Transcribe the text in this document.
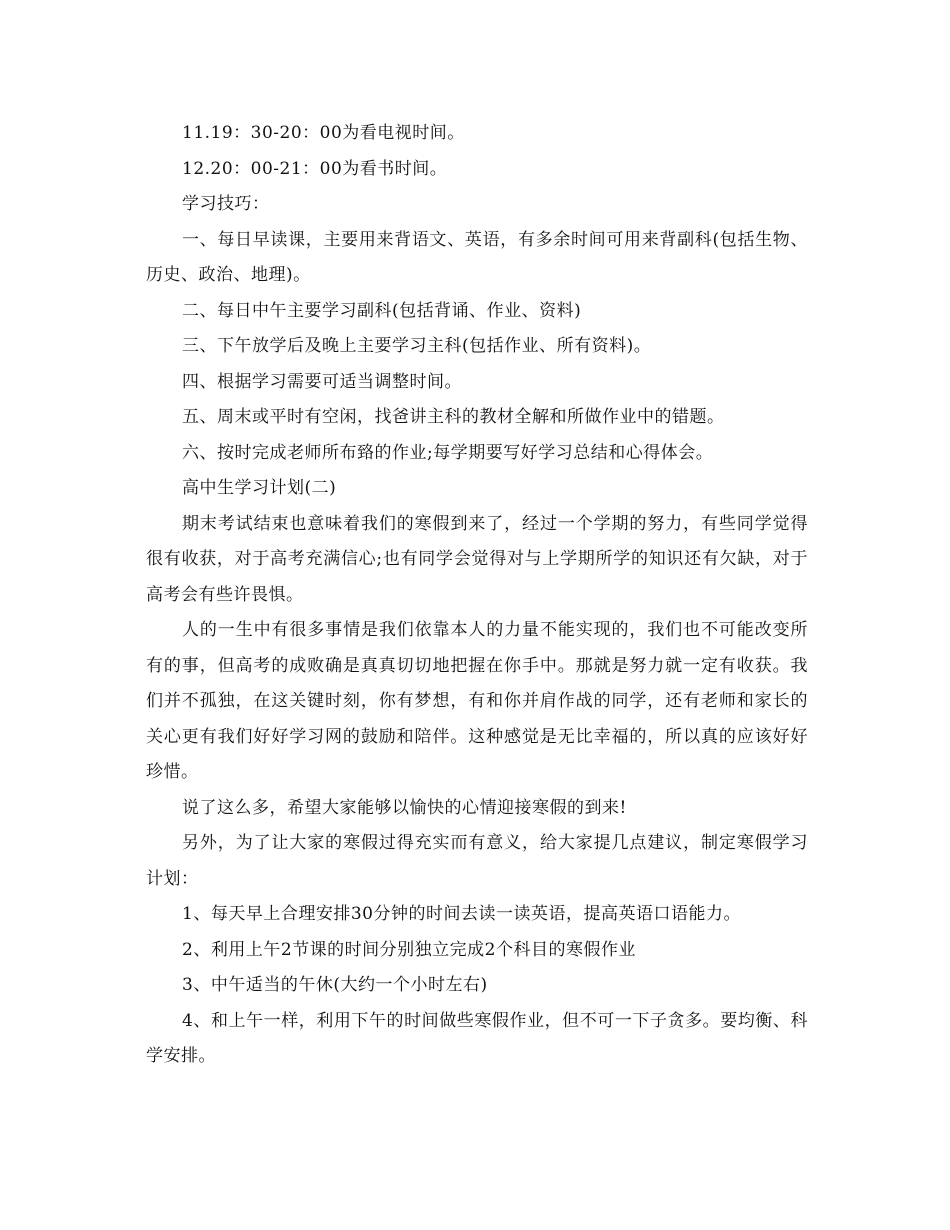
11.19：30-20：00为看电视时间。

12.20：00-21：00为看书时间。

学习技巧：

一、每日早读课，主要用来背语文、英语，有多余时间可用来背副科(包括生物、历史、政治、地理)。

二、每日中午主要学习副科(包括背诵、作业、资料)

三、下午放学后及晚上主要学习主科(包括作业、所有资料)。

四、根据学习需要可适当调整时间。

五、周末或平时有空闲，找爸讲主科的教材全解和所做作业中的错题。

六、按时完成老师所布臵的作业;每学期要写好学习总结和心得体会。

高中生学习计划(二)

期末考试结束也意味着我们的寒假到来了，经过一个学期的努力，有些同学觉得很有收获，对于高考充满信心;也有同学会觉得对与上学期所学的知识还有欠缺，对于高考会有些许畏惧。

人的一生中有很多事情是我们依靠本人的力量不能实现的，我们也不可能改变所有的事，但高考的成败确是真真切切地把握在你手中。那就是努力就一定有收获。我们并不孤独，在这关键时刻，你有梦想，有和你并肩作战的同学，还有老师和家长的关心更有我们好好学习网的鼓励和陪伴。这种感觉是无比幸福的，所以真的应该好好珍惜。

说了这么多，希望大家能够以愉快的心情迎接寒假的到来!

另外，为了让大家的寒假过得充实而有意义，给大家提几点建议，制定寒假学习计划：

1、每天早上合理安排30分钟的时间去读一读英语，提高英语口语能力。

2、利用上午2节课的时间分别独立完成2个科目的寒假作业

3、中午适当的午休(大约一个小时左右)

4、和上午一样，利用下午的时间做些寒假作业，但不可一下子贪多。要均衡、科学安排。
